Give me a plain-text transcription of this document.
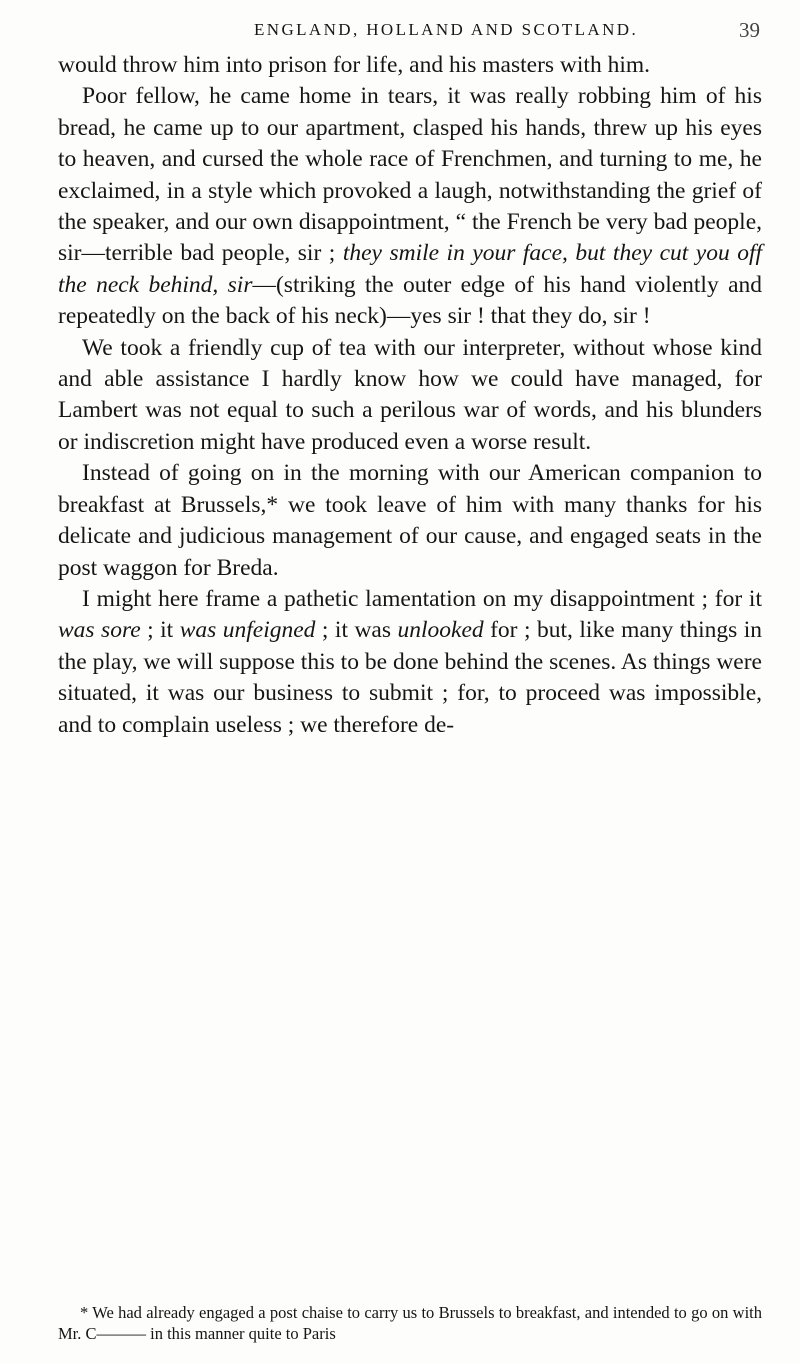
ENGLAND, HOLLAND AND SCOTLAND.	39

would throw him into prison for life, and his masters with him.

Poor fellow, he came home in tears, it was really robbing him of his bread, he came up to our apartment, clasped his hands, threw up his eyes to heaven, and cursed the whole race of Frenchmen, and turning to me, he exclaimed, in a style which provoked a laugh, notwithstanding the grief of the speaker, and our own disappointment, “ the French be very bad people, sir—terrible bad people, sir ; they smile in your face, but they cut you off the neck behind, sir—(striking the outer edge of his hand violently and repeatedly on the back of his neck)—yes sir ! that they do, sir !

We took a friendly cup of tea with our interpreter, without whose kind and able assistance I hardly know how we could have managed, for Lambert was not equal to such a perilous war of words, and his blunders or indiscretion might have produced even a worse result.

Instead of going on in the morning with our American companion to breakfast at Brussels,* we took leave of him with many thanks for his delicate and judicious management of our cause, and engaged seats in the post waggon for Breda.

I might here frame a pathetic lamentation on my disappointment ; for it was sore ; it was unfeigned ; it was unlooked for ; but, like many things in the play, we will suppose this to be done behind the scenes. As things were situated, it was our business to submit ; for, to proceed was impossible, and to complain useless ; we therefore de-

* We had already engaged a post chaise to carry us to Brussels to breakfast, and intended to go on with Mr. C——— in this manner quite to Paris
